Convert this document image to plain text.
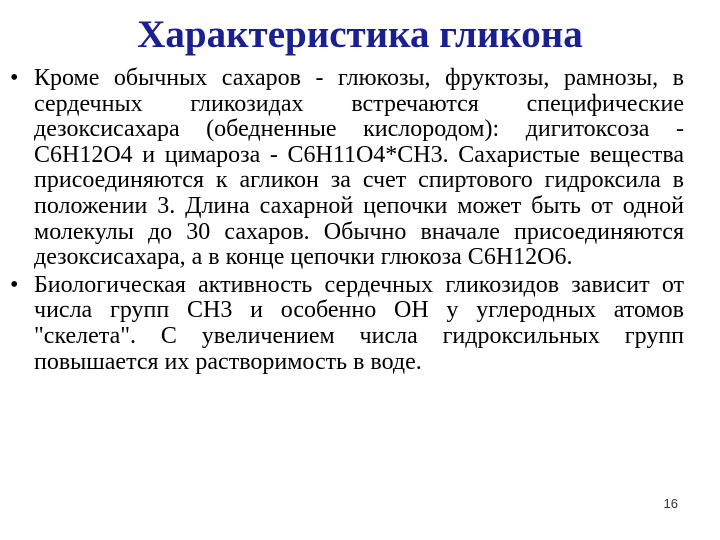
Характеристика гликона
• Кроме обычных сахаров - глюкозы, фруктозы, рамнозы, в сердечных гликозидах встречаются специфические дезоксисахара (обедненные кислородом): дигитоксоза - С6Н12О4 и цимароза - С6Н11О4*СН3. Сахаристые вещества присоединяются к агликон за счет спиртового гидроксила в положении 3. Длина сахарной цепочки может быть от одной молекулы до 30 сахаров. Обычно вначале присоединяются дезоксисахара, а в конце цепочки глюкоза С6Н12О6.
• Биологическая активность сердечных гликозидов зависит от числа групп СН3 и особенно ОН у углеродных атомов "скелета". С увеличением числа гидроксильных групп повышается их растворимость в воде.
16
